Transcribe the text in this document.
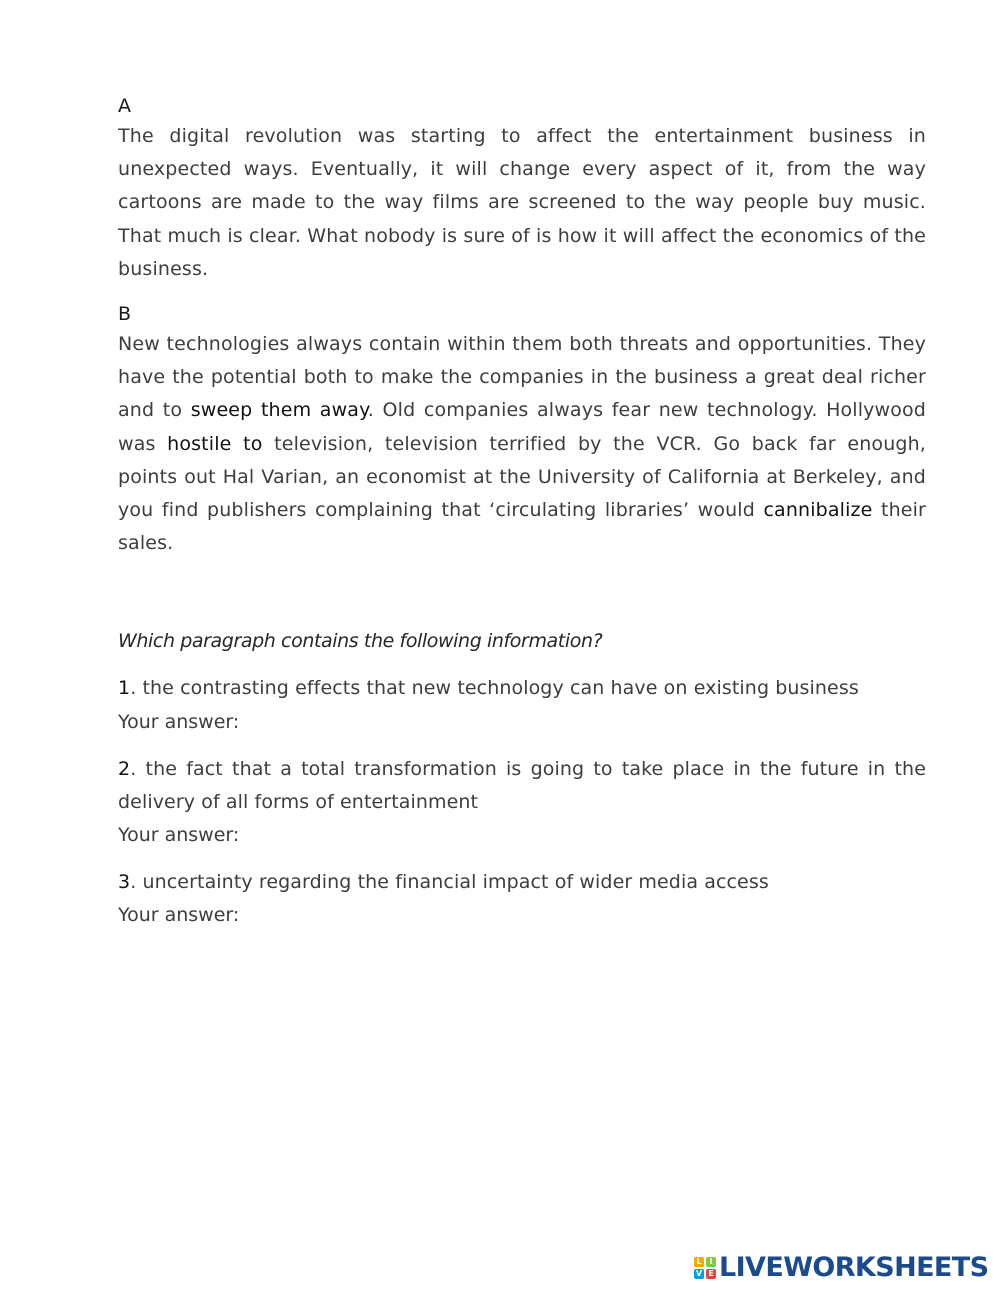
A

The digital revolution was starting to affect the entertainment business in unexpected ways. Eventually, it will change every aspect of it, from the way cartoons are made to the way films are screened to the way people buy music. That much is clear. What nobody is sure of is how it will affect the economics of the business.

B

New technologies always contain within them both threats and opportunities. They have the potential both to make the companies in the business a great deal richer and to sweep them away. Old companies always fear new technology. Hollywood was hostile to television, television terrified by the VCR. Go back far enough, points out Hal Varian, an economist at the University of California at Berkeley, and you find publishers complaining that ‘circulating libraries’ would cannibalize their sales.

Which paragraph contains the following information?

1. the contrasting effects that new technology can have on existing business

Your answer:

2. the fact that a total transformation is going to take place in the future in the delivery of all forms of entertainment

Your answer:

3. uncertainty regarding the financial impact of wider media access

Your answer:

L I
V E LIVEWORKSHEETS
